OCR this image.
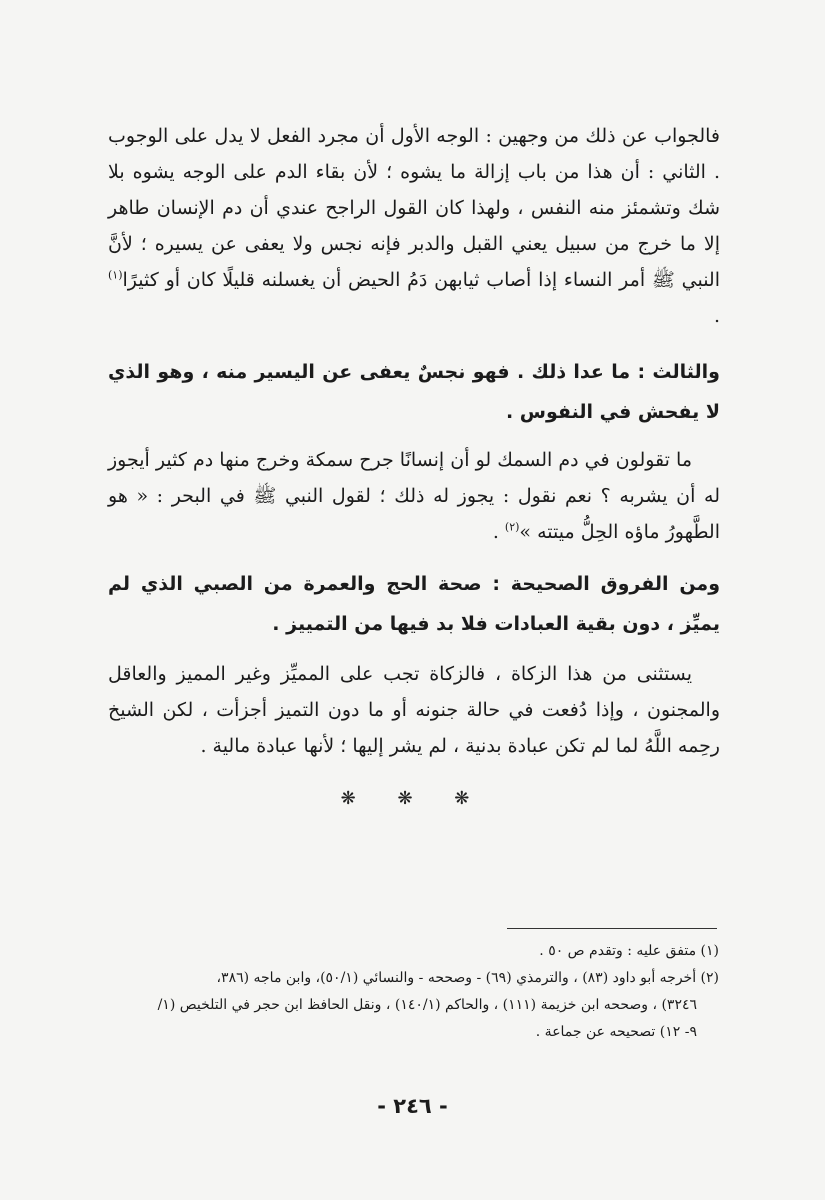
فالجواب عن ذلك من وجهين : الوجه الأول أن مجرد الفعل لا يدل على الوجوب . الثاني : أن هذا من باب إزالة ما يشوه ؛ لأن بقاء الدم على الوجه يشوه بلا شك وتشمئز منه النفس ، ولهذا كان القول الراجح عندي أن دم الإنسان طاهر إلا ما خرج من سبيل يعني القبل والدبر فإنه نجس ولا يعفى عن يسيره ؛ لأنَّ النبي ﷺ أمر النساء إذا أصاب ثيابهن دَمُ الحيض أن يغسلنه قليلًا كان أو كثيرًا$^{(١)}$ .

والثالث : ما عدا ذلك . فهو نجسٌ يعفى عن اليسير منه ، وهو الذي لا يفحش في النفوس .

ما تقولون في دم السمك لو أن إنسانًا جرح سمكة وخرج منها دم كثير أيجوز له أن يشربه ؟ نعم نقول : يجوز له ذلك ؛ لقول النبي ﷺ في البحر : « هو الطَّهورُ ماؤه الحِلُّ ميتته »$^{(٢)}$ .

ومن الفروق الصحيحة : صحة الحج والعمرة من الصبي الذي لم يميِّز ، دون بقية العبادات فلا بد فيها من التمييز .

يستثنى من هذا الزكاة ، فالزكاة تجب على المميِّز وغير المميز والعاقل والمجنون ، وإذا دُفعت في حالة جنونه أو ما دون التميز أجزأت ، لكن الشيخ رحِمه اللَّهُ لما لم تكن عبادة بدنية ، لم يشر إليها ؛ لأنها عبادة مالية .

❋ ❋ ❋

(١) متفق عليه : وتقدم ص ٥٠ .

(٢) أخرجه أبو داود (٨٣) ، والترمذي (٦٩) - وصححه - والنسائي (٥٠/١)، وابن ماجه (٣٨٦،

٣٢٤٦) ، وصححه ابن خزيمة (١١١) ، والحاكم (١٤٠/١) ، ونقل الحافظ ابن حجر في التلخيص (١/

٩- ١٢) تصحيحه عن جماعة .

- ٢٤٦ -
